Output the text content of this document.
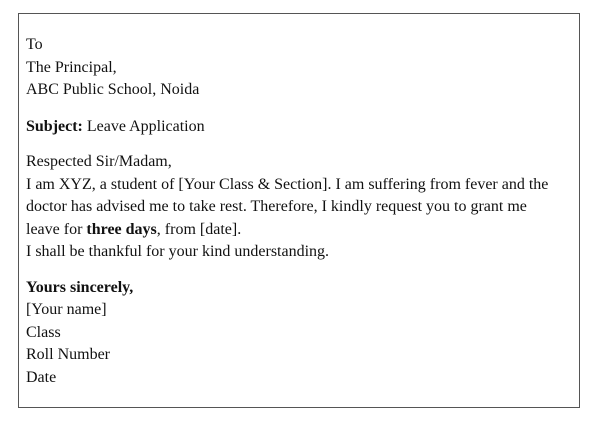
To
The Principal,
ABC Public School, Noida
Subject: Leave Application
Respected Sir/Madam,
I am XYZ, a student of [Your Class & Section]. I am suffering from fever and the
doctor has advised me to take rest. Therefore, I kindly request you to grant me
leave for three days, from [date].
I shall be thankful for your kind understanding.
Yours sincerely,
[Your name]
Class
Roll Number
Date
